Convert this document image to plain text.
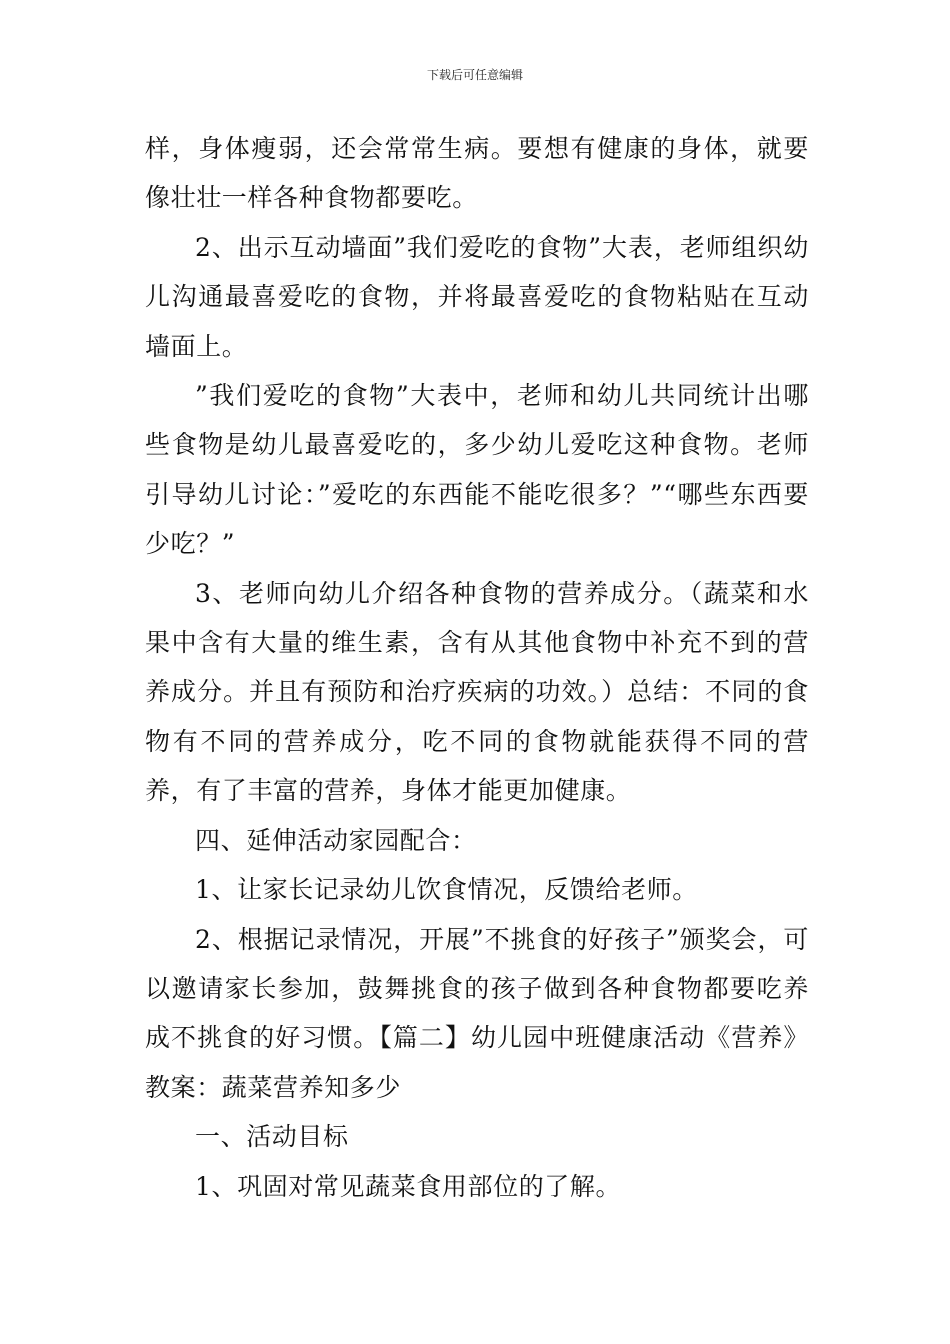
下载后可任意编辑

样，身体瘦弱，还会常常生病。要想有健康的身体，就要像壮壮一样各种食物都要吃。

2、出示互动墙面”我们爱吃的食物”大表，老师组织幼儿沟通最喜爱吃的食物，并将最喜爱吃的食物粘贴在互动墙面上。

”我们爱吃的食物”大表中，老师和幼儿共同统计出哪些食物是幼儿最喜爱吃的，多少幼儿爱吃这种食物。老师引导幼儿讨论：”爱吃的东西能不能吃很多？”“哪些东西要少吃？”

3、老师向幼儿介绍各种食物的营养成分。（蔬菜和水果中含有大量的维生素，含有从其他食物中补充不到的营养成分。并且有预防和治疗疾病的功效。）总结：不同的食物有不同的营养成分，吃不同的食物就能获得不同的营养，有了丰富的营养，身体才能更加健康。

四、延伸活动家园配合：

1、让家长记录幼儿饮食情况，反馈给老师。

2、根据记录情况，开展”不挑食的好孩子”颁奖会，可以邀请家长参加，鼓舞挑食的孩子做到各种食物都要吃养成不挑食的好习惯。【篇二】幼儿园中班健康活动《营养》教案：蔬菜营养知多少

一、活动目标

1、巩固对常见蔬菜食用部位的了解。
